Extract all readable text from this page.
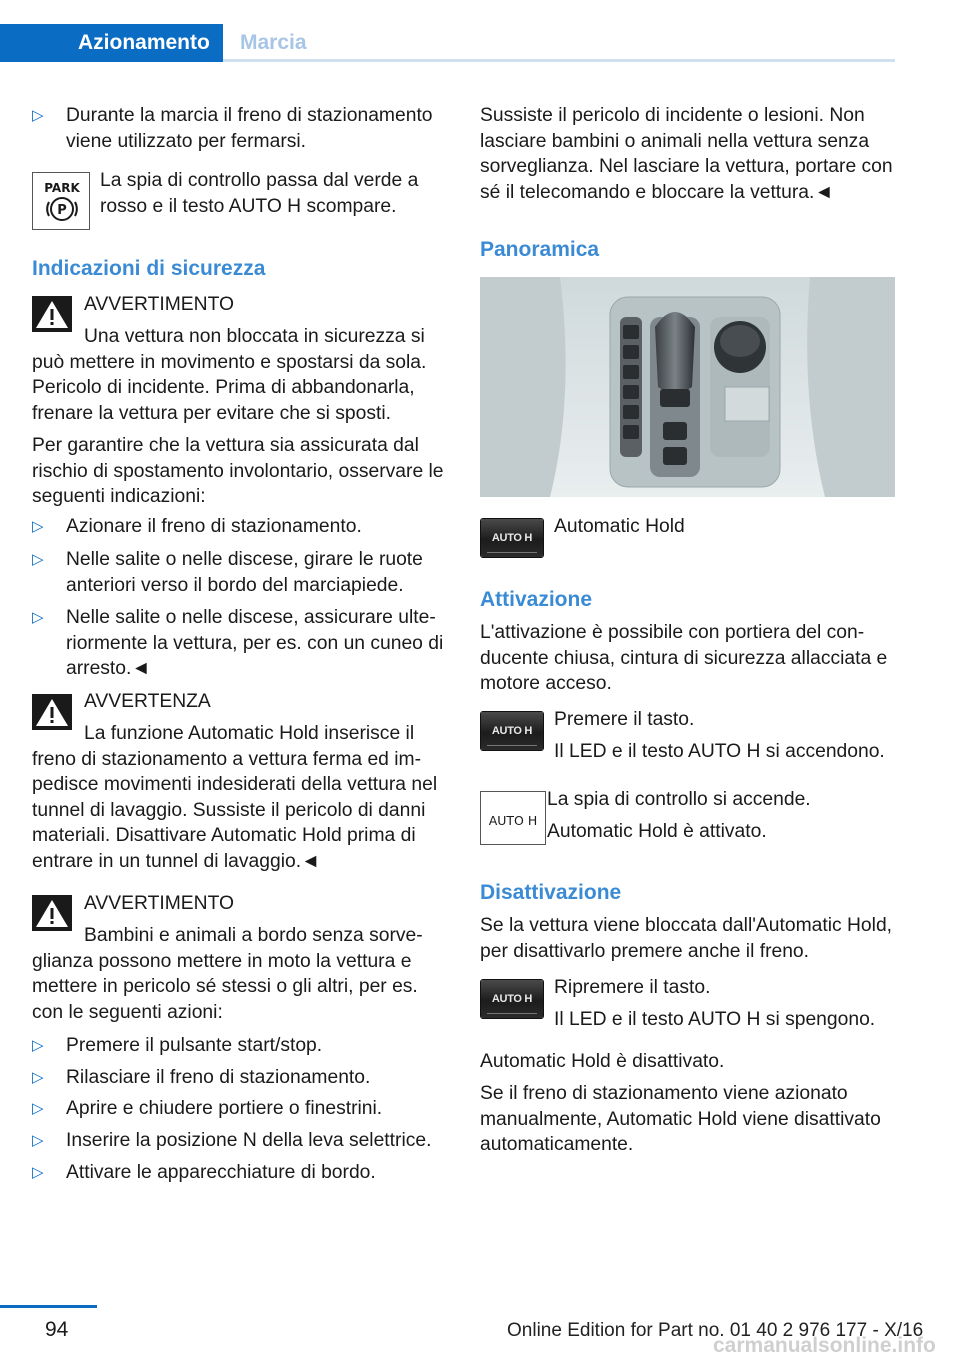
Azionamento	Marcia
▷ Durante la marcia il freno di stazionamento viene utilizzato per fermarsi.
PARK
P

La spia di controllo passa dal verde a rosso e il testo AUTO H scompare.

Indicazioni di sicurezza

AVVERTIMENTO

Una vettura non bloccata in sicurezza si può mettere in movimento e spostarsi da sola. Pericolo di incidente. Prima di abbandonarla, frenare la vettura per evitare che si sposti.

Per garantire che la vettura sia assicurata dal rischio di spostamento involontario, osservare le seguenti indicazioni:

▷ Azionare il freno di stazionamento.
▷ Nelle salite o nelle discese, girare le ruote anteriori verso il bordo del marciapiede.
▷ Nelle salite o nelle discese, assicurare ulteriormente la vettura, per es. con un cuneo di arresto.◄

AVVERTENZA

La funzione Automatic Hold inserisce il freno di stazionamento a vettura ferma ed impedisce movimenti indesiderati della vettura nel tunnel di lavaggio. Sussiste il pericolo di danni materiali. Disattivare Automatic Hold prima di entrare in un tunnel di lavaggio.◄

AVVERTIMENTO

Bambini e animali a bordo senza sorveglianza possono mettere in moto la vettura e mettere in pericolo sé stessi o gli altri, per es. con le seguenti azioni:

▷ Premere il pulsante start/stop.
▷ Rilasciare il freno di stazionamento.
▷ Aprire e chiudere portiere o finestrini.
▷ Inserire la posizione N della leva selettrice.
▷ Attivare le apparecchiature di bordo.

Sussiste il pericolo di incidente o lesioni. Non lasciare bambini o animali nella vettura senza sorveglianza. Nel lasciare la vettura, portare con sé il telecomando e bloccare la vettura.◄

Panoramica
AUTO H

Automatic Hold

Attivazione

L'attivazione è possibile con portiera del conducente chiusa, cintura di sicurezza allacciata e motore acceso.

AUTO H

Premere il tasto.

Il LED e il testo AUTO H si accendono.

AUTO H

La spia di controllo si accende.

Automatic Hold è attivato.

Disattivazione

Se la vettura viene bloccata dall'Automatic Hold, per disattivarlo premere anche il freno.

AUTO H

Ripremere il tasto.

Il LED e il testo AUTO H si spengono.

Automatic Hold è disattivato.

Se il freno di stazionamento viene azionato manualmente, Automatic Hold viene disattivato automaticamente.

94	Online Edition for Part no. 01 40 2 976 177 - X/16
carmanualsonline.info
